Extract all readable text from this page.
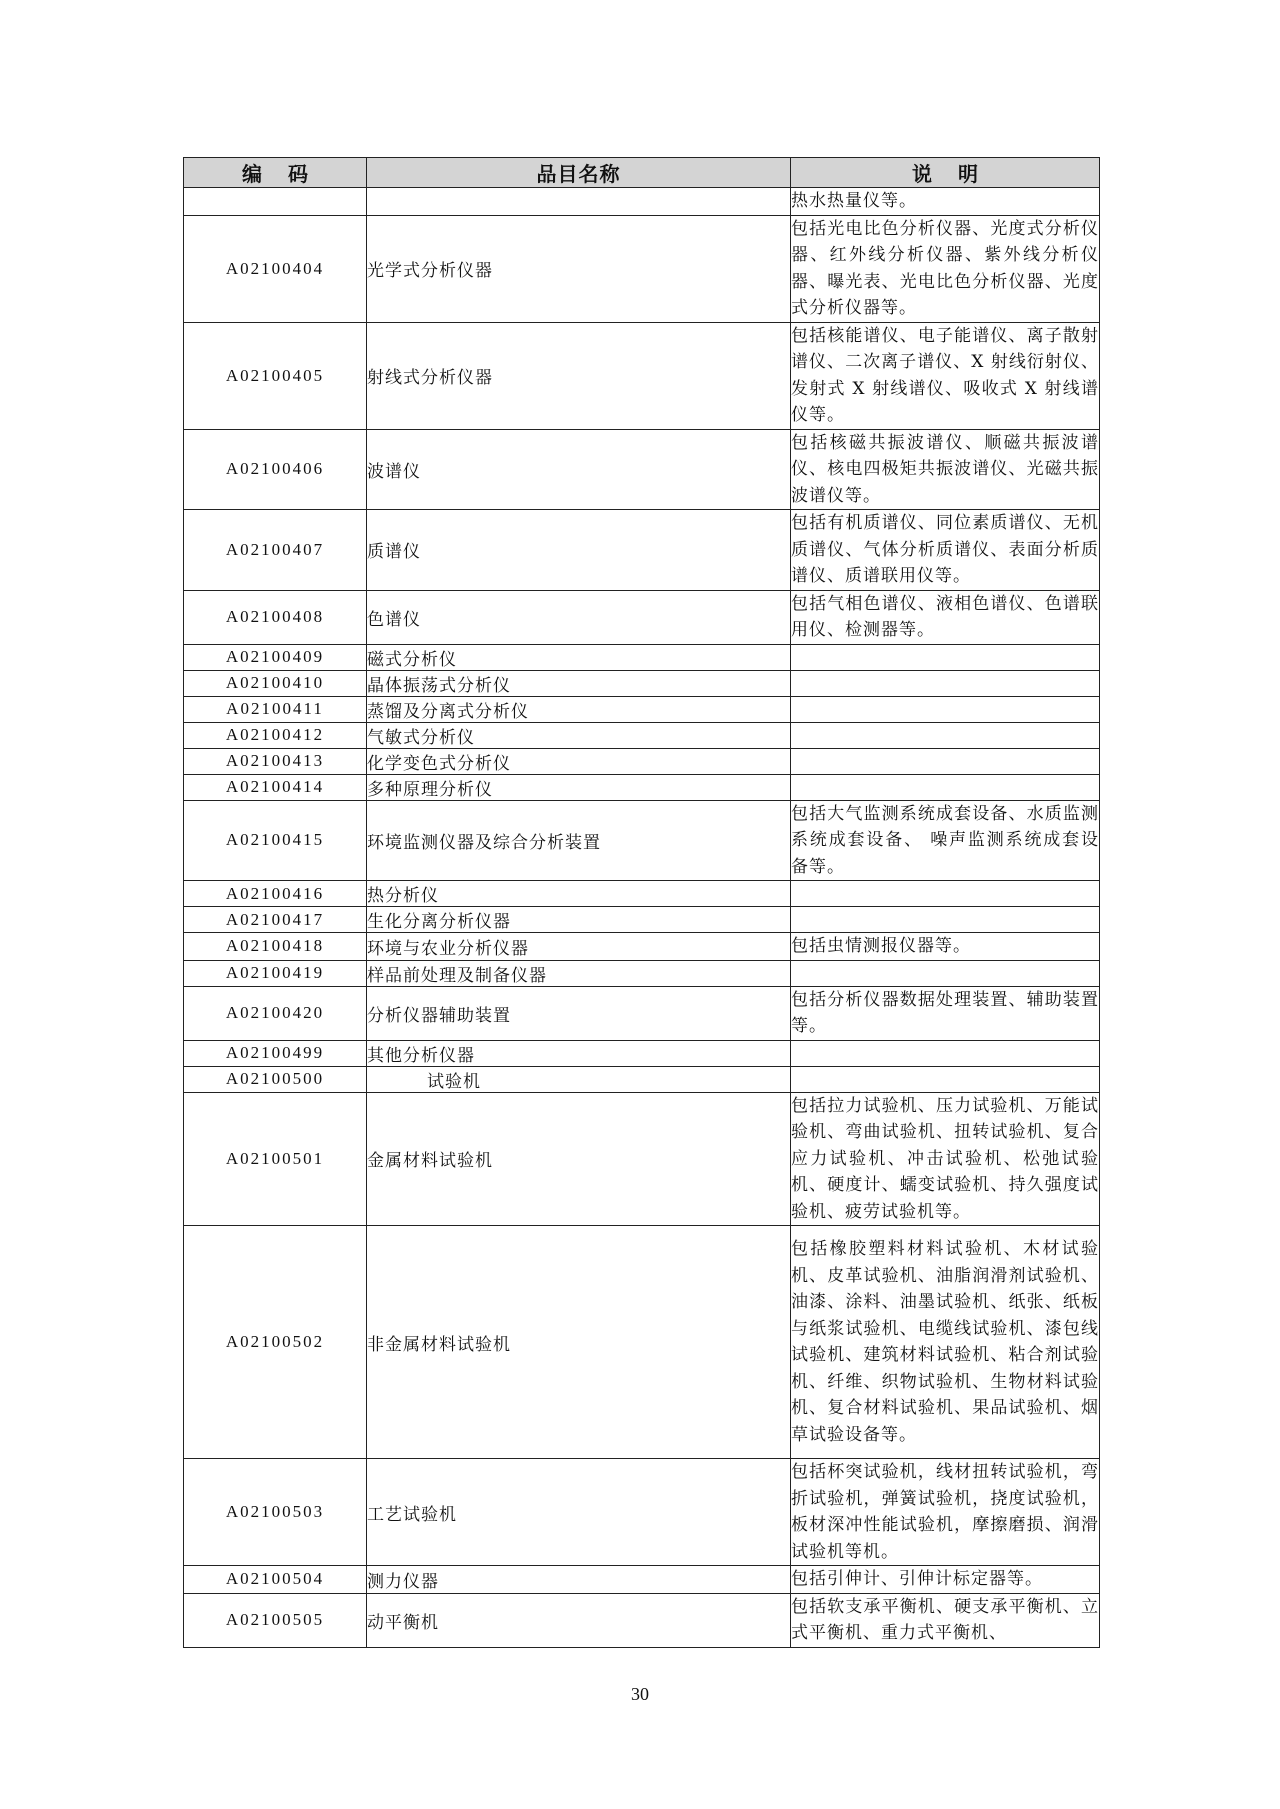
编码	品目名称	说明
		热水热量仪等。
A02100404	光学式分析仪器	包括光电比色分析仪器、光度式分析仪器、红外线分析仪器、紫外线分析仪器、曝光表、光电比色分析仪器、光度式分析仪器等。
A02100405	射线式分析仪器	包括核能谱仪、电子能谱仪、离子散射谱仪、二次离子谱仪、X 射线衍射仪、发射式 X 射线谱仪、吸收式 X 射线谱仪等。
A02100406	波谱仪	包括核磁共振波谱仪、顺磁共振波谱仪、核电四极矩共振波谱仪、光磁共振波谱仪等。
A02100407	质谱仪	包括有机质谱仪、同位素质谱仪、无机质谱仪、气体分析质谱仪、表面分析质谱仪、质谱联用仪等。
A02100408	色谱仪	包括气相色谱仪、液相色谱仪、色谱联用仪、检测器等。
A02100409	磁式分析仪	
A02100410	晶体振荡式分析仪	
A02100411	蒸馏及分离式分析仪	
A02100412	气敏式分析仪	
A02100413	化学变色式分析仪	
A02100414	多种原理分析仪	
A02100415	环境监测仪器及综合分析装置	包括大气监测系统成套设备、水质监测系统成套设备、 噪声监测系统成套设备等。
A02100416	热分析仪	
A02100417	生化分离分析仪器	
A02100418	环境与农业分析仪器	包括虫情测报仪器等。
A02100419	样品前处理及制备仪器	
A02100420	分析仪器辅助装置	包括分析仪器数据处理装置、辅助装置等。
A02100499	其他分析仪器	
A02100500	试验机	
A02100501	金属材料试验机	包括拉力试验机、压力试验机、万能试验机、弯曲试验机、扭转试验机、复合应力试验机、冲击试验机、松弛试验机、硬度计、蠕变试验机、持久强度试验机、疲劳试验机等。
A02100502	非金属材料试验机	包括橡胶塑料材料试验机、木材试验机、皮革试验机、油脂润滑剂试验机、油漆、涂料、油墨试验机、纸张、纸板与纸浆试验机、电缆线试验机、漆包线试验机、建筑材料试验机、粘合剂试验机、纤维、织物试验机、生物材料试验机、复合材料试验机、果品试验机、烟草试验设备等。
A02100503	工艺试验机	包括杯突试验机，线材扭转试验机，弯折试验机，弹簧试验机，挠度试验机，板材深冲性能试验机，摩擦磨损、润滑试验机等机。
A02100504	测力仪器	包括引伸计、引伸计标定器等。
A02100505	动平衡机	包括软支承平衡机、硬支承平衡机、立式平衡机、重力式平衡机、
30
